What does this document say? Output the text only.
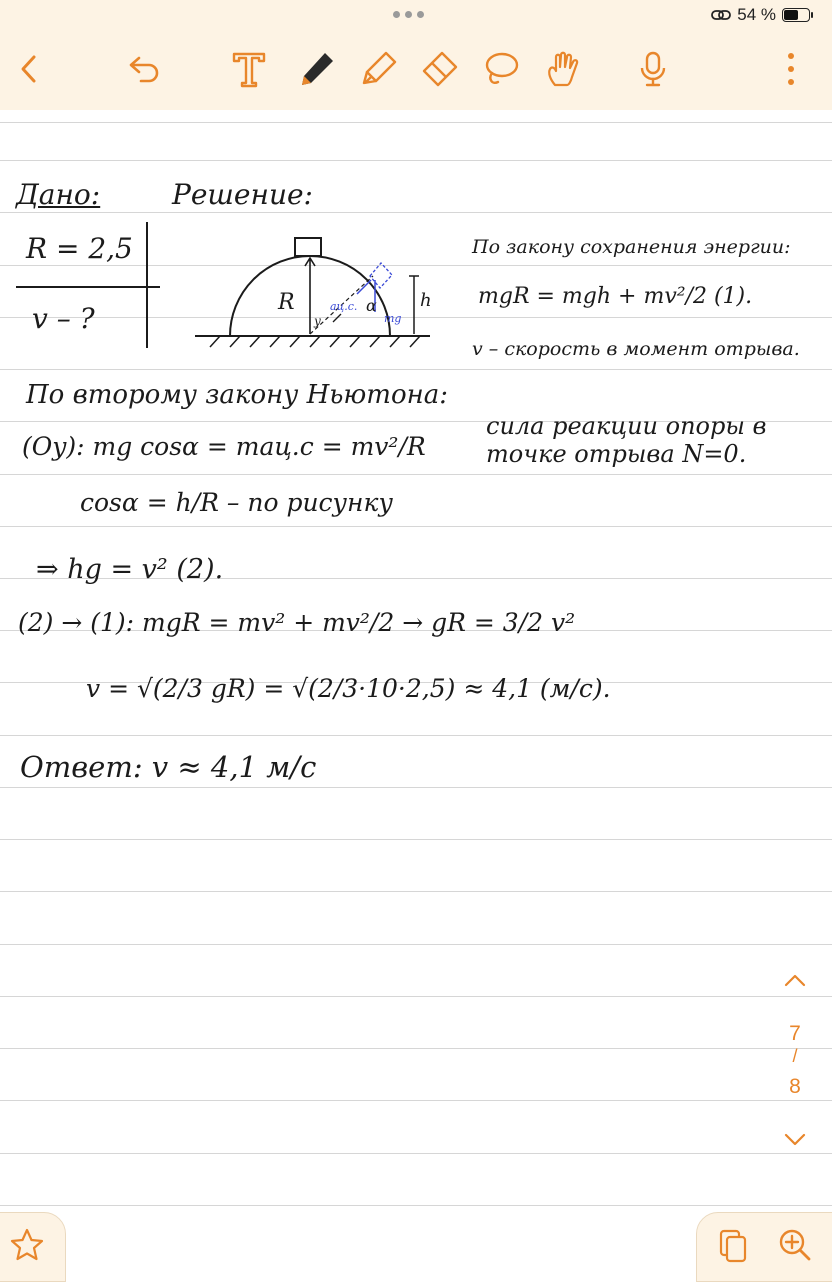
54 %
Дано:	Решение:
R = 2,5
v – ?	R	h
α
y
aц.с.
mg
По закону сохранения энергии:
mgR = mgh + mv²/2 (1).
v – скорость в момент отрыва.
По второму закону Ньютона:
(Oy): mg cosα = maц.с = mv²/R
сила реакции опоры в
точке отрыва N=0.
cosα = h/R – по рисунку
⇒ hg = v² (2).
(2) → (1): mgR = mv² + mv²/2 → gR = 3/2 v²
v = √(2/3 gR) = √(2/3·10·2,5) ≈ 4,1 (м/с).
Ответ: v ≈ 4,1 м/с
7
/
8
